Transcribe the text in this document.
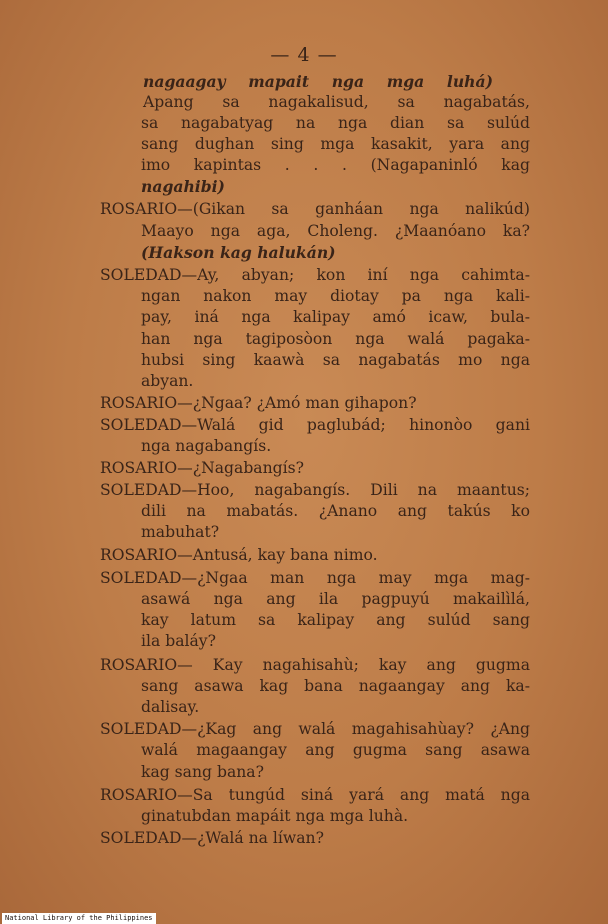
— 4 —
nagaagay mapait nga mga luhá)
Apang sa nagakalisud, sa nagabatás,
sa nagabatyag na nga dian sa sulúd
sang dughan sing mga kasakit, yara ang
imo kapintas . . . (Nagapaninló kag
nagahibi)
ROSARIO—(Gikan sa ganháan nga nalikúd)
Maayo nga aga, Choleng. ¿Maanóano ka?
(Hakson kag halukán)
SOLEDAD—Ay, abyan; kon iní nga cahimta-
ngan nakon may diotay pa nga kali-
pay, iná nga kalipay amó icaw, bula-
han nga tagiposòon nga walá pagaka-
hubsi sing kaawà sa nagabatás mo nga
abyan.
ROSARIO—¿Ngaa? ¿Amó man gihapon?
SOLEDAD—Walá gid paglubád; hinonòo gani
nga nagabangís.
ROSARIO—¿Nagabangís?
SOLEDAD—Hoo, nagabangís. Dili na maantus;
dili na mabatás. ¿Anano ang takús ko
mabuhat?
ROSARIO—Antusá, kay bana nimo.
SOLEDAD—¿Ngaa man nga may mga mag-
asawá nga ang ila pagpuyú makailìlá,
kay latum sa kalipay ang sulúd sang
ila baláy?
ROSARIO— Kay nagahisahù; kay ang gugma
sang asawa kag bana nagaangay ang ka-
dalisay.
SOLEDAD—¿Kag ang walá magahisahùay? ¿Ang
walá magaangay ang gugma sang asawa
kag sang bana?
ROSARIO—Sa tungúd siná yará ang matá nga
ginatubdan mapáit nga mga luhà.
SOLEDAD—¿Walá na líwan?
National Library of the Philippines
